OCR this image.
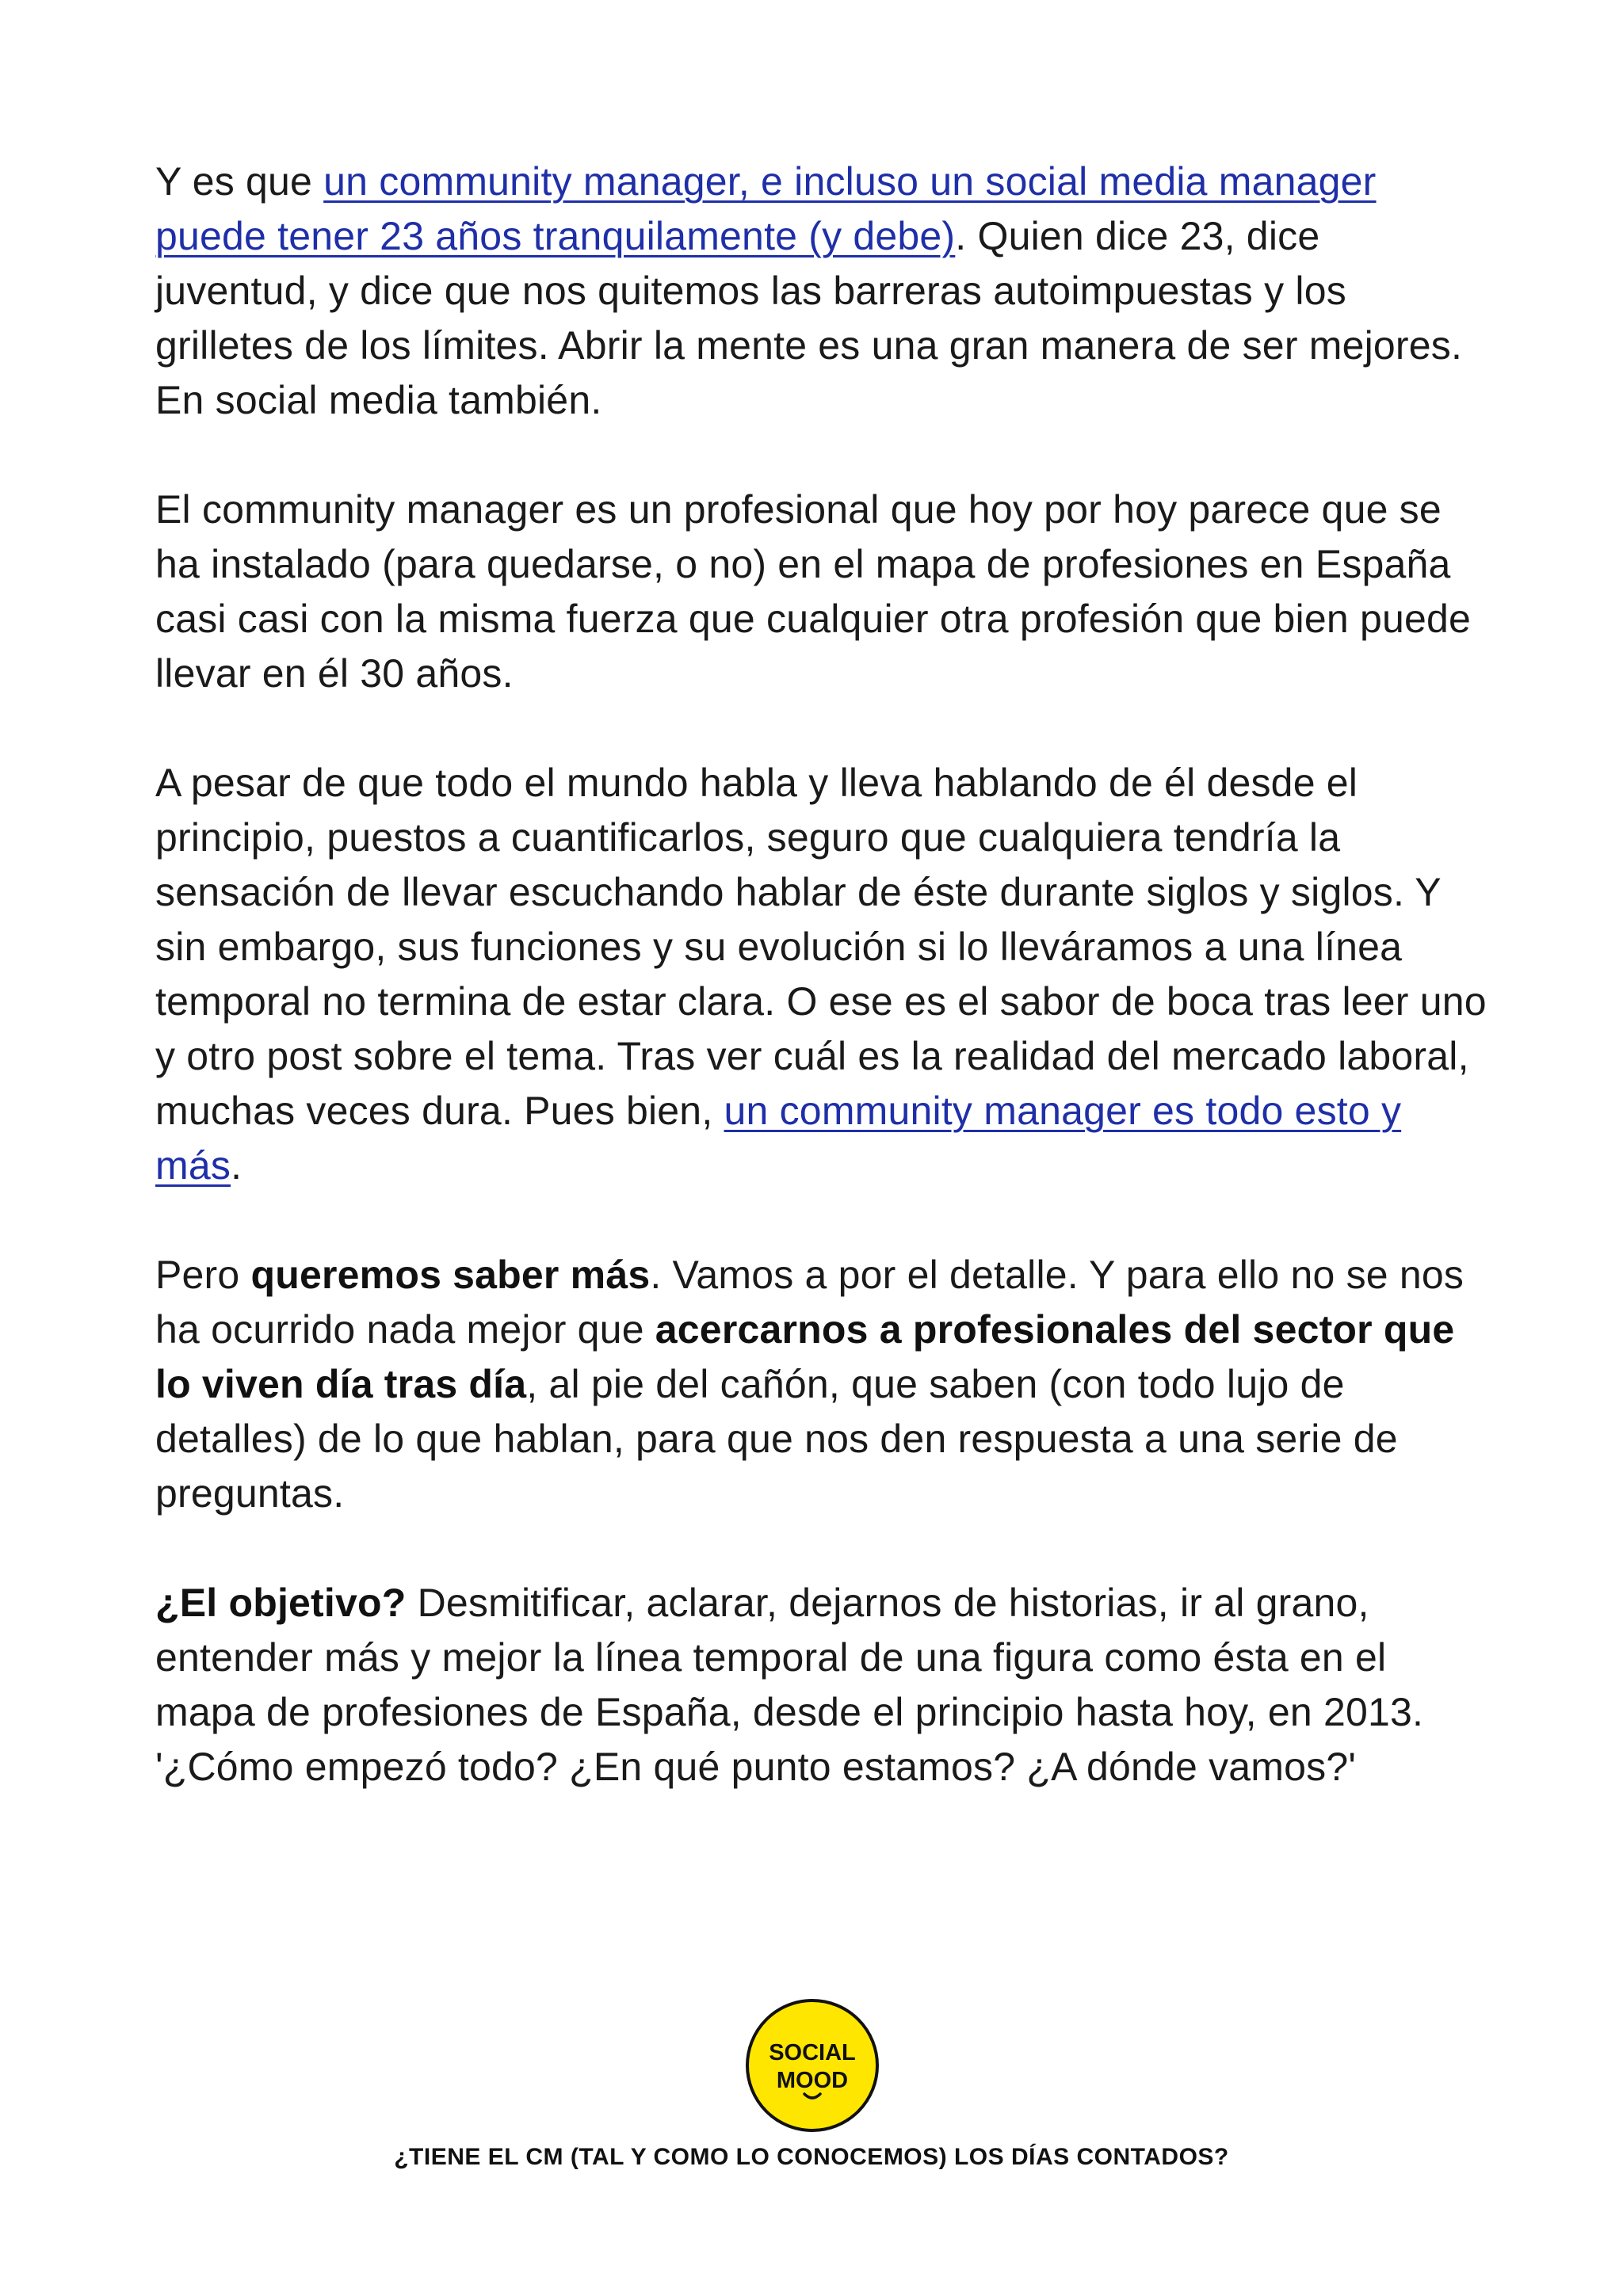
Y es que un community manager, e incluso un social media manager puede tener 23 años tranquilamente (y debe). Quien dice 23, dice juventud, y dice que nos quitemos las barreras autoimpuestas y los grilletes de los límites. Abrir la mente es una gran manera de ser mejores. En social media también.

El community manager es un profesional que hoy por hoy parece que se ha instalado (para quedarse, o no) en el mapa de profesiones en España casi casi con la misma fuerza que cualquier otra profesión que bien puede llevar en él 30 años.

A pesar de que todo el mundo habla y lleva hablando de él desde el principio, puestos a cuantificarlos, seguro que cualquiera tendría la sensación de llevar escuchando hablar de éste durante siglos y siglos. Y sin embargo, sus funciones y su evolución si lo lleváramos a una línea temporal no termina de estar clara. O ese es el sabor de boca tras leer uno y otro post sobre el tema. Tras ver cuál es la realidad del mercado laboral, muchas veces dura. Pues bien, un community manager es todo esto y más.

Pero queremos saber más. Vamos a por el detalle. Y para ello no se nos ha ocurrido nada mejor que acercarnos a profesionales del sector que lo viven día tras día, al pie del cañón, que saben (con todo lujo de detalles) de lo que hablan, para que nos den respuesta a una serie de preguntas.

¿El objetivo? Desmitificar, aclarar, dejarnos de historias, ir al grano, entender más y mejor la línea temporal de una figura como ésta en el mapa de profesiones de España, desde el principio hasta hoy, en 2013. '¿Cómo empezó todo? ¿En qué punto estamos? ¿A dónde vamos?'

SOCIAL
MOOD
¿TIENE EL CM (TAL Y COMO LO CONOCEMOS) LOS DÍAS CONTADOS?
